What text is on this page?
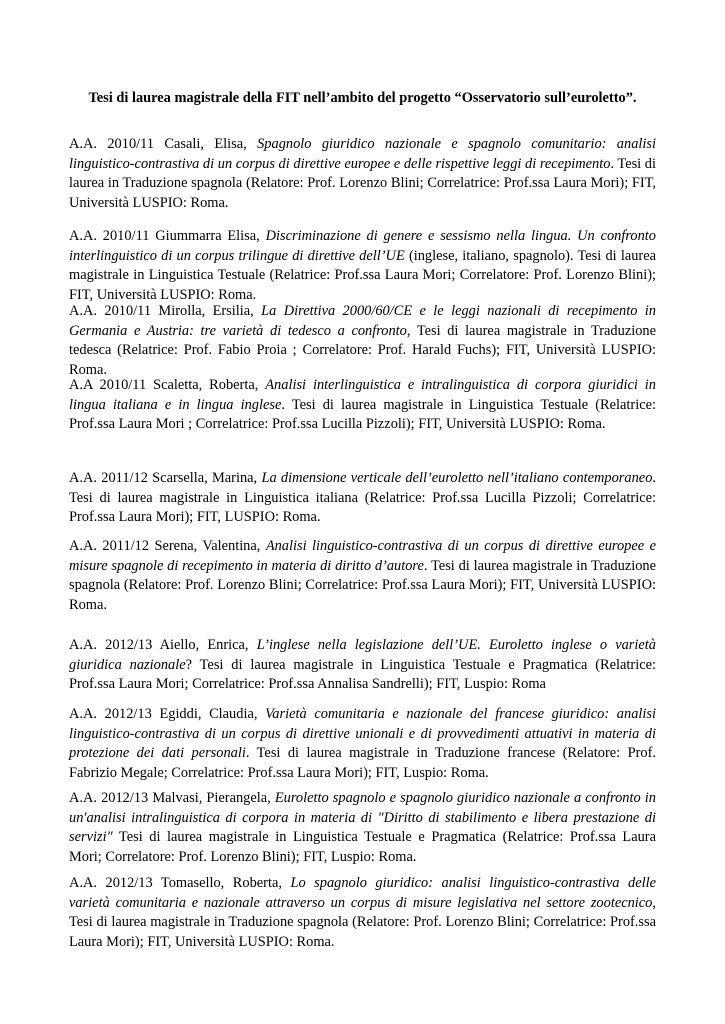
Tesi di laurea magistrale della FIT nell’ambito del progetto “Osservatorio sull’euroletto”.
A.A. 2010/11 Casali, Elisa, Spagnolo giuridico nazionale e spagnolo comunitario: analisi linguistico-contrastiva di un corpus di direttive europee e delle rispettive leggi di recepimento. Tesi di laurea in Traduzione spagnola (Relatore: Prof. Lorenzo Blini; Correlatrice: Prof.ssa Laura Mori); FIT, Università LUSPIO: Roma.
A.A. 2010/11 Giummarra Elisa, Discriminazione di genere e sessismo nella lingua. Un confronto interlinguistico di un corpus trilingue di direttive dell’UE (inglese, italiano, spagnolo). Tesi di laurea magistrale in Linguistica Testuale (Relatrice: Prof.ssa Laura Mori; Correlatore: Prof. Lorenzo Blini); FIT, Università LUSPIO: Roma.
A.A. 2010/11 Mirolla, Ersilia, La Direttiva 2000/60/CE e le leggi nazionali di recepimento in Germania e Austria: tre varietà di tedesco a confronto, Tesi di laurea magistrale in Traduzione tedesca (Relatrice: Prof. Fabio Proia ; Correlatore: Prof. Harald Fuchs); FIT, Università LUSPIO: Roma.
A.A 2010/11 Scaletta, Roberta, Analisi interlinguistica e intralinguistica di corpora giuridici in lingua italiana e in lingua inglese. Tesi di laurea magistrale in Linguistica Testuale (Relatrice: Prof.ssa Laura Mori ; Correlatrice: Prof.ssa Lucilla Pizzoli); FIT, Università LUSPIO: Roma.
A.A. 2011/12 Scarsella, Marina, La dimensione verticale dell’euroletto nell’italiano contemporaneo. Tesi di laurea magistrale in Linguistica italiana (Relatrice: Prof.ssa Lucilla Pizzoli; Correlatrice: Prof.ssa Laura Mori); FIT, LUSPIO: Roma.
A.A. 2011/12 Serena, Valentina, Analisi linguistico-contrastiva di un corpus di direttive europee e misure spagnole di recepimento in materia di diritto d’autore. Tesi di laurea magistrale in Traduzione spagnola (Relatore: Prof. Lorenzo Blini; Correlatrice: Prof.ssa Laura Mori); FIT, Università LUSPIO: Roma.
A.A. 2012/13 Aiello, Enrica, L’inglese nella legislazione dell’UE. Euroletto inglese o varietà giuridica nazionale? Tesi di laurea magistrale in Linguistica Testuale e Pragmatica (Relatrice: Prof.ssa Laura Mori; Correlatrice: Prof.ssa Annalisa Sandrelli); FIT, Luspio: Roma
A.A. 2012/13 Egiddi, Claudia, Varietà comunitaria e nazionale del francese giuridico: analisi linguistico-contrastiva di un corpus di direttive unionali e di provvedimenti attuativi in materia di protezione dei dati personali. Tesi di laurea magistrale in Traduzione francese (Relatore: Prof. Fabrizio Megale; Correlatrice: Prof.ssa Laura Mori); FIT, Luspio: Roma.
A.A. 2012/13 Malvasi, Pierangela, Euroletto spagnolo e spagnolo giuridico nazionale a confronto in un'analisi intralinguistica di corpora in materia di "Diritto di stabilimento e libera prestazione di servizi" Tesi di laurea magistrale in Linguistica Testuale e Pragmatica (Relatrice: Prof.ssa Laura Mori; Correlatore: Prof. Lorenzo Blini); FIT, Luspio: Roma.
A.A. 2012/13 Tomasello, Roberta, Lo spagnolo giuridico: analisi linguistico-contrastiva delle varietà comunitaria e nazionale attraverso un corpus di misure legislativa nel settore zootecnico, Tesi di laurea magistrale in Traduzione spagnola (Relatore: Prof. Lorenzo Blini; Correlatrice: Prof.ssa Laura Mori); FIT, Università LUSPIO: Roma.
